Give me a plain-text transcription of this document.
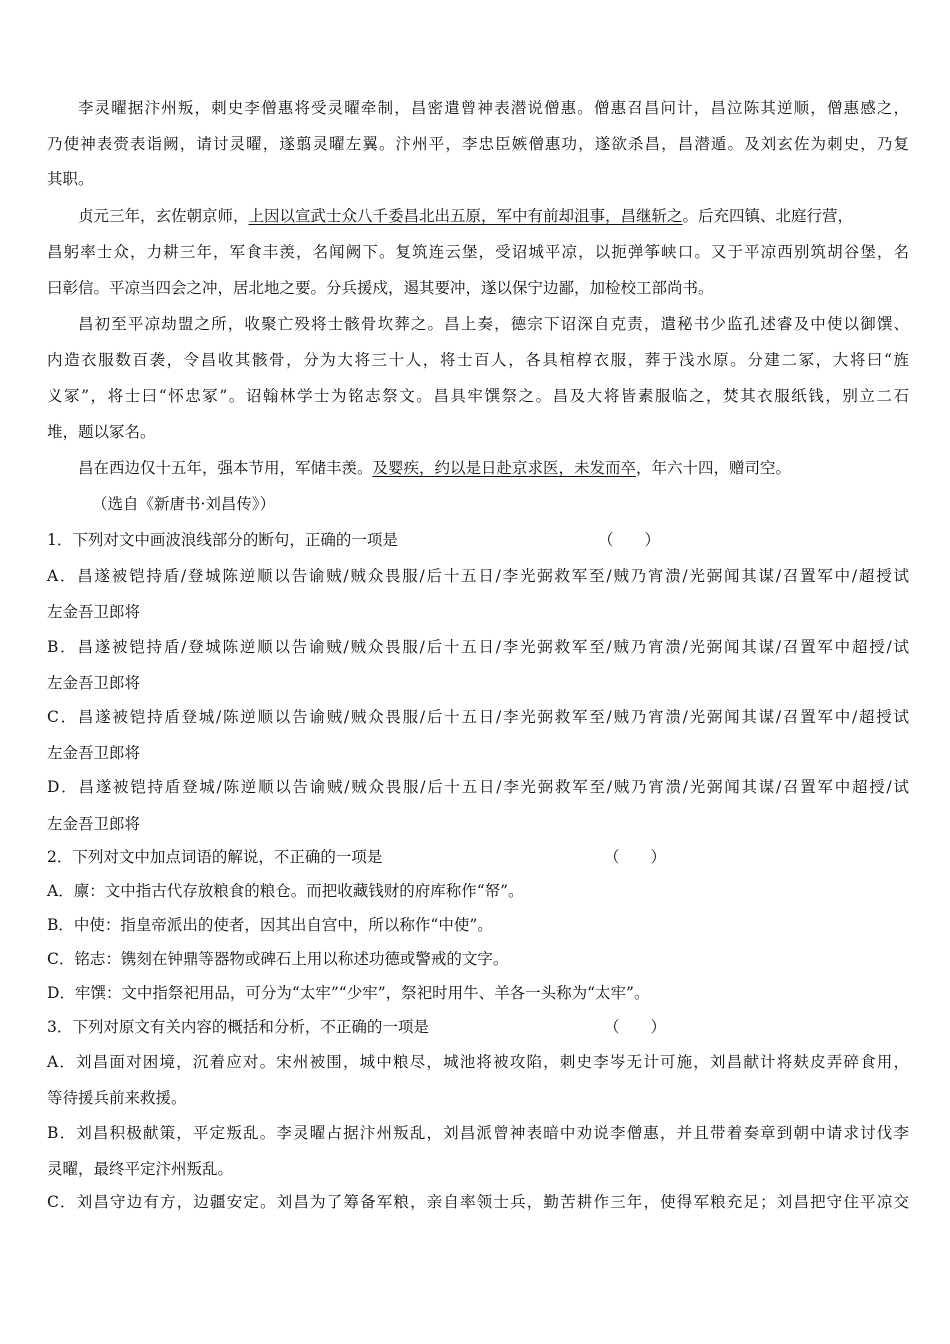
李灵曜据汴州叛，刺史李僧惠将受灵曜牵制，昌密遣曾神表潜说僧惠。僧惠召昌问计，昌泣陈其逆顺，僧惠感之，
乃使神表赍表诣阙，请讨灵曜，遂翦灵曜左翼。汴州平，李忠臣嫉僧惠功，遂欲杀昌，昌潜遁。及刘玄佐为刺史，乃复
其职。
贞元三年，玄佐朝京师，上因以宣武士众八千委昌北出五原，军中有前却沮事，昌继斩之。后充四镇、北庭行营，
昌躬率士众，力耕三年，军食丰羡，名闻阙下。复筑连云堡，受诏城平凉，以扼弹筝峡口。又于平凉西别筑胡谷堡，名
曰彰信。平凉当四会之冲，居北地之要。分兵援戍，遏其要冲，遂以保宁边鄙，加检校工部尚书。
昌初至平凉劫盟之所，收聚亡殁将士骸骨坎葬之。昌上奏，德宗下诏深自克责，遣秘书少监孔述睿及中使以御馔、
内造衣服数百袭，令昌收其骸骨，分为大将三十人，将士百人，各具棺椁衣服，葬于浅水原。分建二冢，大将曰“旌
义冢”，将士曰“怀忠冢”。诏翰林学士为铭志祭文。昌具牢馔祭之。昌及大将皆素服临之，焚其衣服纸钱，别立二石
堆，题以冢名。
昌在西边仅十五年，强本节用，军储丰羡。及婴疾，约以是日赴京求医，未发而卒，年六十四，赠司空。
（选自《新唐书·刘昌传》）
1．下列对文中画波浪线部分的断句，正确的一项是	（　　）
A．昌遂被铠持盾/登城陈逆顺以告谕贼/贼众畏服/后十五日/李光弼救军至/贼乃宵溃/光弼闻其谋/召置军中/超授试
左金吾卫郎将
B．昌遂被铠持盾/登城陈逆顺以告谕贼/贼众畏服/后十五日/李光弼救军至/贼乃宵溃/光弼闻其谋/召置军中超授/试
左金吾卫郎将
C．昌遂被铠持盾登城/陈逆顺以告谕贼/贼众畏服/后十五日/李光弼救军至/贼乃宵溃/光弼闻其谋/召置军中/超授试
左金吾卫郎将
D．昌遂被铠持盾登城/陈逆顺以告谕贼/贼众畏服/后十五日/李光弼救军至/贼乃宵溃/光弼闻其谋/召置军中超授/试
左金吾卫郎将
2．下列对文中加点词语的解说，不正确的一项是	（　　）
A．廪：文中指古代存放粮食的粮仓。而把收藏钱财的府库称作“帑”。
B．中使：指皇帝派出的使者，因其出自宫中，所以称作“中使”。
C．铭志：镌刻在钟鼎等器物或碑石上用以称述功德或警戒的文字。
D．牢馔：文中指祭祀用品，可分为“太牢”“少牢”，祭祀时用牛、羊各一头称为“太牢”。
3．下列对原文有关内容的概括和分析，不正确的一项是	（　　）
A．刘昌面对困境，沉着应对。宋州被围，城中粮尽，城池将被攻陷，刺史李岑无计可施，刘昌献计将麸皮弄碎食用，
等待援兵前来救援。
B．刘昌积极献策，平定叛乱。李灵曜占据汴州叛乱，刘昌派曾神表暗中劝说李僧惠，并且带着奏章到朝中请求讨伐李
灵曜，最终平定汴州叛乱。
C．刘昌守边有方，边疆安定。刘昌为了筹备军粮，亲自率领士兵，勤苦耕作三年，使得军粮充足；刘昌把守住平凉交
